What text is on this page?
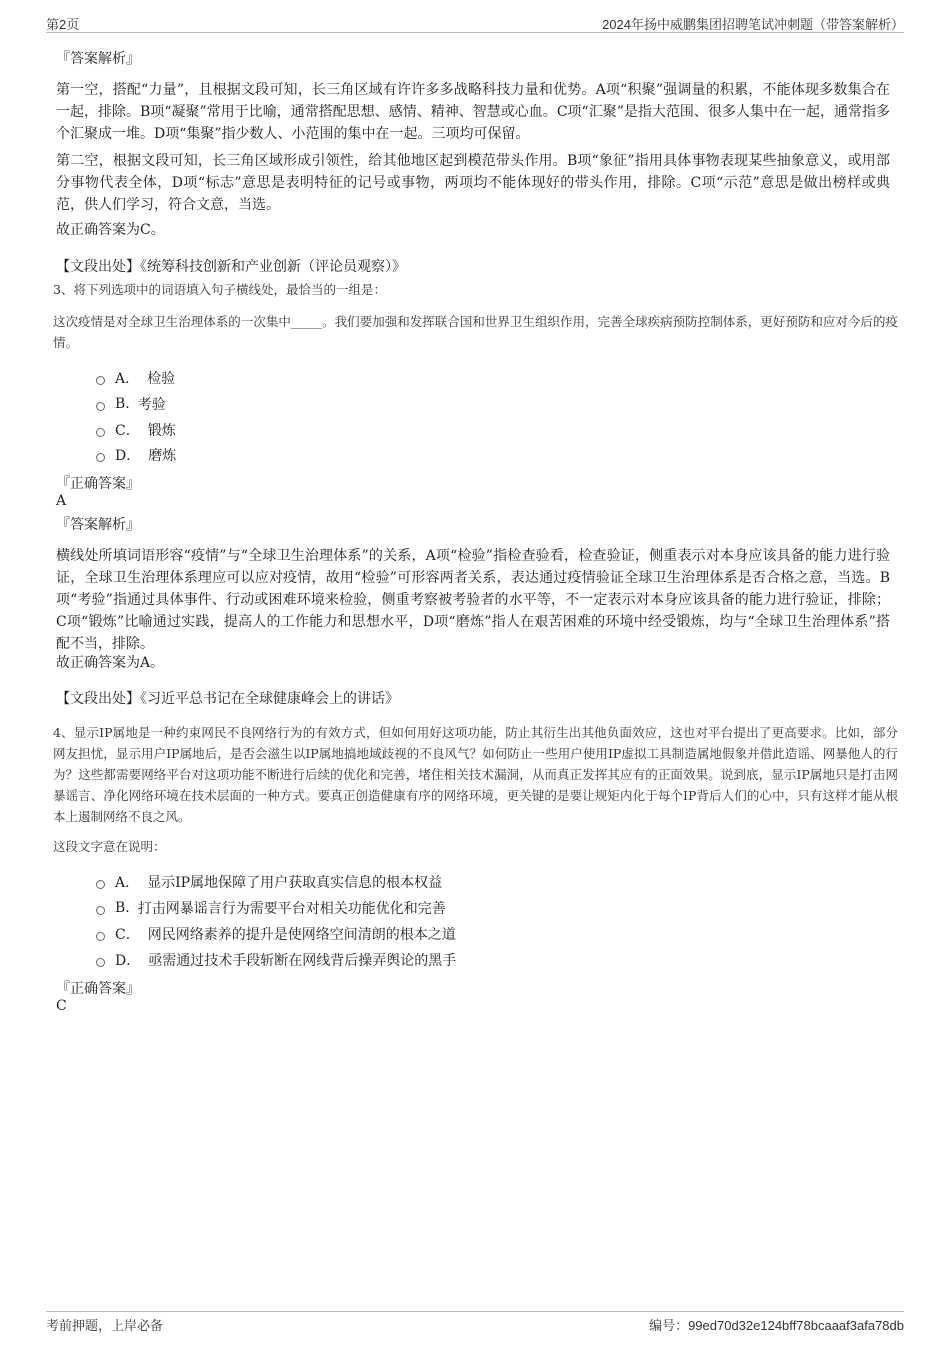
第2页	2024年扬中威鹏集团招聘笔试冲刺题（带答案解析）
『答案解析』
第一空，搭配“力量”，且根据文段可知，长三角区域有许许多多战略科技力量和优势。A项“积聚”强调量的积累，不能体现多数集合在一起，排除。B项“凝聚”常用于比喻，通常搭配思想、感情、精神、智慧或心血。C项“汇聚”是指大范围、很多人集中在一起，通常指多个汇聚成一堆。D项“集聚”指少数人、小范围的集中在一起。三项均可保留。
第二空，根据文段可知，长三角区域形成引领性，给其他地区起到模范带头作用。B项“象征”指用具体事物表现某些抽象意义，或用部分事物代表全体，D项“标志”意思是表明特征的记号或事物，两项均不能体现好的带头作用，排除。C项“示范”意思是做出榜样或典范，供人们学习，符合文意，当选。
故正确答案为C。
【文段出处】《统筹科技创新和产业创新（评论员观察）》
3、将下列选项中的词语填入句子横线处，最恰当的一组是：
这次疫情是对全球卫生治理体系的一次集中_____。我们要加强和发挥联合国和世界卫生组织作用，完善全球疾病预防控制体系，更好预防和应对今后的疫情。
A． 检验
B. 考验
C． 锻炼
D． 磨炼
『正确答案』
A
『答案解析』
横线处所填词语形容“疫情”与“全球卫生治理体系”的关系，A项“检验”指检查验看，检查验证，侧重表示对本身应该具备的能力进行验证，全球卫生治理体系理应可以应对疫情，故用“检验”可形容两者关系，表达通过疫情验证全球卫生治理体系是否合格之意，当选。B项“考验”指通过具体事件、行动或困难环境来检验，侧重考察被考验者的水平等，不一定表示对本身应该具备的能力进行验证，排除；C项“锻炼”比喻通过实践，提高人的工作能力和思想水平，D项“磨炼”指人在艰苦困难的环境中经受锻炼，均与“全球卫生治理体系”搭配不当，排除。
故正确答案为A。
【文段出处】《习近平总书记在全球健康峰会上的讲话》
4、显示IP属地是一种约束网民不良网络行为的有效方式，但如何用好这项功能，防止其衍生出其他负面效应，这也对平台提出了更高要求。比如，部分网友担忧，显示用户IP属地后，是否会滋生以IP属地搞地域歧视的不良风气？如何防止一些用户使用IP虚拟工具制造属地假象并借此造谣、网暴他人的行为？这些都需要网络平台对这项功能不断进行后续的优化和完善，堵住相关技术漏洞，从而真正发挥其应有的正面效果。说到底，显示IP属地只是打击网暴谣言、净化网络环境在技术层面的一种方式。要真正创造健康有序的网络环境，更关键的是要让规矩内化于每个IP背后人们的心中，只有这样才能从根本上遏制网络不良之风。
这段文字意在说明：
A． 显示IP属地保障了用户获取真实信息的根本权益
B. 打击网暴谣言行为需要平台对相关功能优化和完善
C． 网民网络素养的提升是使网络空间清朗的根本之道
D． 亟需通过技术手段斩断在网线背后操弄舆论的黑手
『正确答案』
C
考前押题，上岸必备	编号：99ed70d32e124bff78bcaaaf3afa78db
